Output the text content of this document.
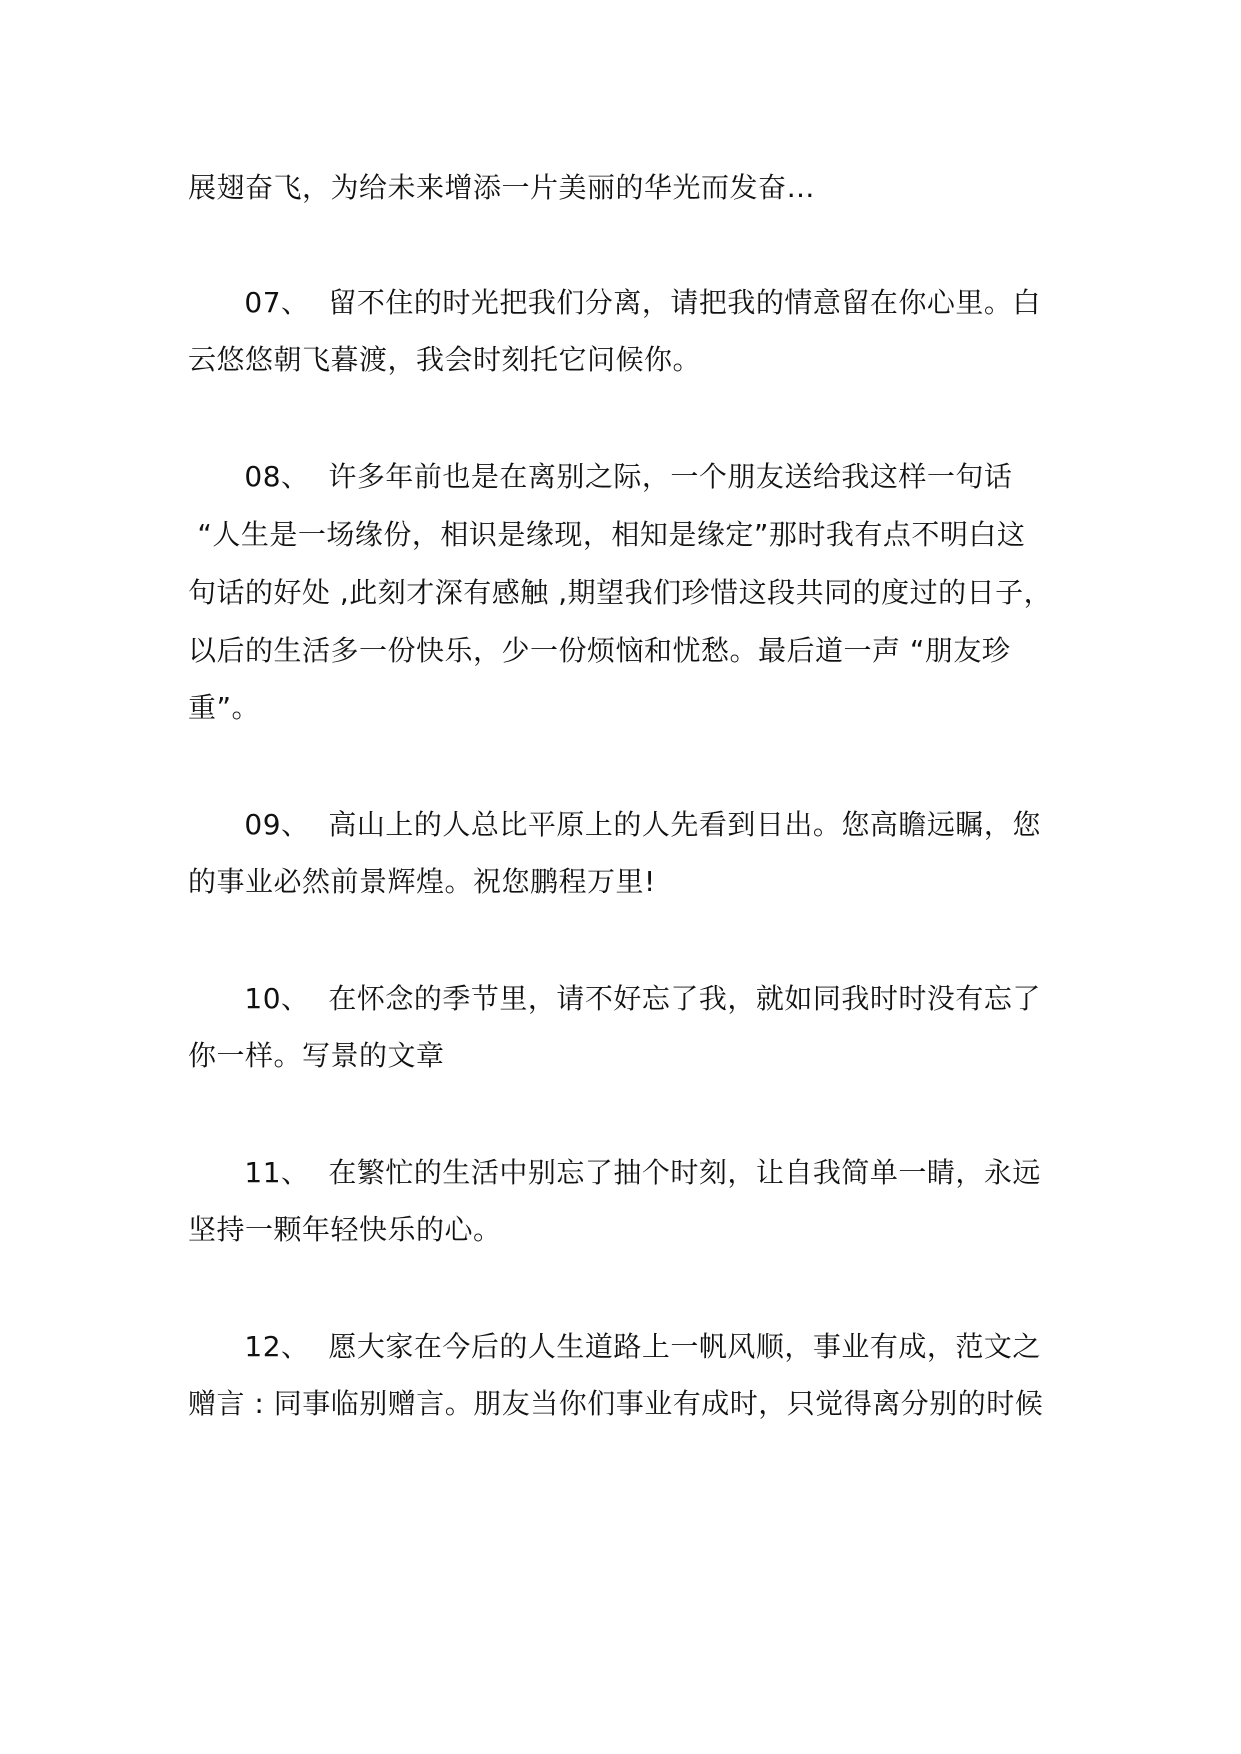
展翅奋飞，为给未来增添一片美丽的华光而发奋…
07、  留不住的时光把我们分离，请把我的情意留在你心里。白
云悠悠朝飞暮渡，我会时刻托它问候你。
08、  许多年前也是在离别之际，一个朋友送给我这样一句话
“人生是一场缘份，相识是缘现，相知是缘定”那时我有点不明白这
句话的好处 ,此刻才深有感触 ,期望我们珍惜这段共同的度过的日子，
以后的生活多一份快乐，少一份烦恼和忧愁。最后道一声 “朋友珍
重”。
09、  高山上的人总比平原上的人先看到日出。您高瞻远瞩，您
的事业必然前景辉煌。祝您鹏程万里!
10、  在怀念的季节里，请不好忘了我，就如同我时时没有忘了
你一样。写景的文章
11、  在繁忙的生活中别忘了抽个时刻，让自我简单一睛，永远
坚持一颗年轻快乐的心。
12、  愿大家在今后的人生道路上一帆风顺，事业有成，范文之
赠言 : 同事临别赠言。朋友当你们事业有成时，只觉得离分别的时候
